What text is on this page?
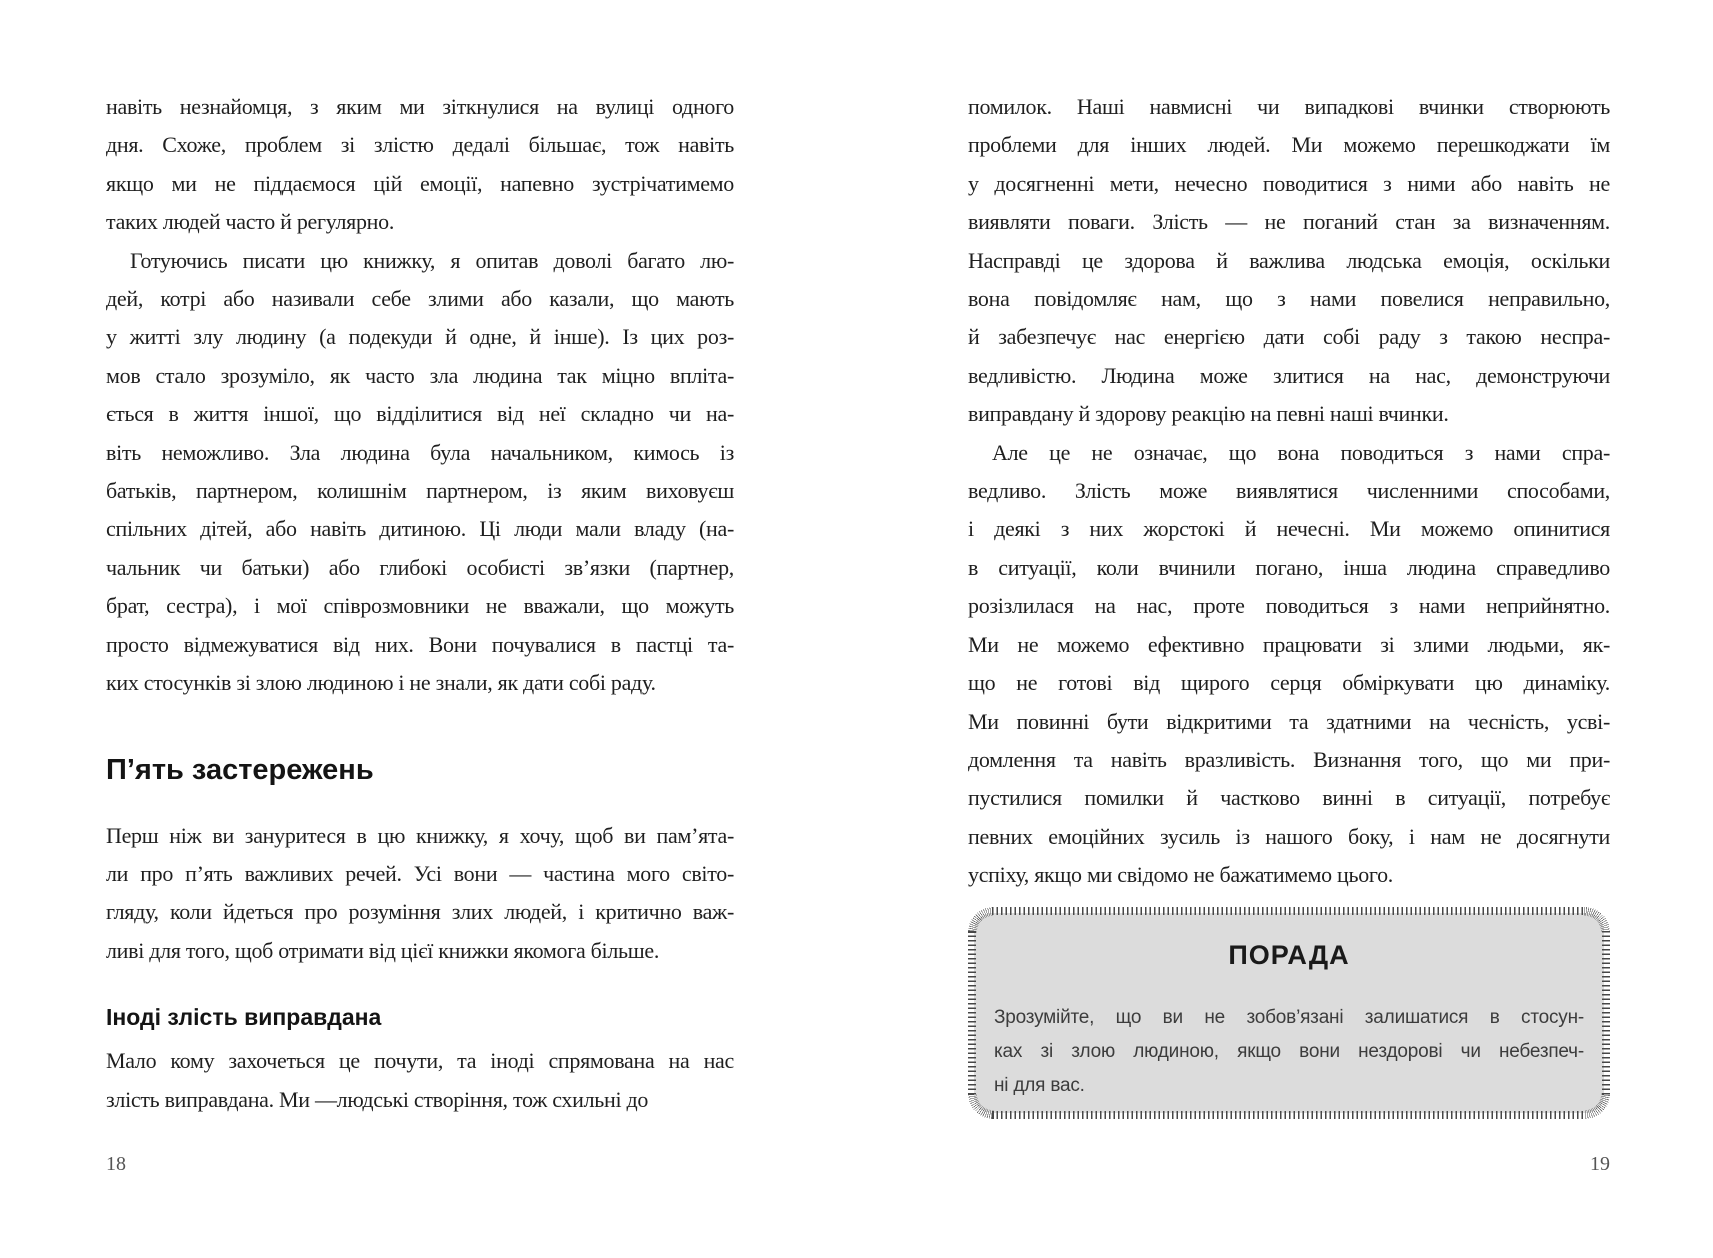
навіть незнайомця, з яким ми зіткнулися на вулиці одного
дня. Схоже, проблем зі злістю дедалі більшає, тож навіть
якщо ми не піддаємося цій емоції, напевно зустрічатимемо
таких людей часто й регулярно.
Готуючись писати цю книжку, я опитав доволі багато лю-
дей, котрі або називали себе злими або казали, що мають
у житті злу людину (а подекуди й одне, й інше). Із цих роз-
мов стало зрозуміло, як часто зла людина так міцно впліта-
ється в життя іншої, що відділитися від неї складно чи на-
віть неможливо. Зла людина була начальником, кимось із
батьків, партнером, колишнім партнером, із яким виховуєш
спільних дітей, або навіть дитиною. Ці люди мали владу (на-
чальник чи батьки) або глибокі особисті зв’язки (партнер,
брат, сестра), і мої співрозмовники не вважали, що можуть
просто відмежуватися від них. Вони почувалися в пастці та-
ких стосунків зі злою людиною і не знали, як дати собі раду.
П’ять застережень
Перш ніж ви зануритеся в цю книжку, я хочу, щоб ви пам’ята-
ли про п’ять важливих речей. Усі вони — частина мого світо-
гляду, коли йдеться про розуміння злих людей, і критично важ-
ливі для того, щоб отримати від цієї книжки якомога більше.
Іноді злість виправдана
Мало кому захочеться це почути, та іноді спрямована на нас
злість виправдана. Ми —людські створіння, тож схильні до
помилок. Наші навмисні чи випадкові вчинки створюють
проблеми для інших людей. Ми можемо перешкоджати їм
у досягненні мети, нечесно поводитися з ними або навіть не
виявляти поваги. Злість — не поганий стан за визначенням.
Насправді це здорова й важлива людська емоція, оскільки
вона повідомляє нам, що з нами повелися неправильно,
й забезпечує нас енергією дати собі раду з такою неспра-
ведливістю. Людина може злитися на нас, демонструючи
виправдану й здорову реакцію на певні наші вчинки.
Але це не означає, що вона поводиться з нами спра-
ведливо. Злість може виявлятися численними способами,
і деякі з них жорстокі й нечесні. Ми можемо опинитися
в ситуації, коли вчинили погано, інша людина справедливо
розізлилася на нас, проте поводиться з нами неприйнятно.
Ми не можемо ефективно працювати зі злими людьми, як-
що не готові від щирого серця обміркувати цю динаміку.
Ми повинні бути відкритими та здатними на чесність, усві-
домлення та навіть вразливість. Визнання того, що ми при-
пустилися помилки й частково винні в ситуації, потребує
певних емоційних зусиль із нашого боку, і нам не досягнути
успіху, якщо ми свідомо не бажатимемо цього.
ПОРАДА
Зрозумійте, що ви не зобов’язані залишатися в стосун-
ках зі злою людиною, якщо вони нездорові чи небезпеч-
ні для вас.
18	19
